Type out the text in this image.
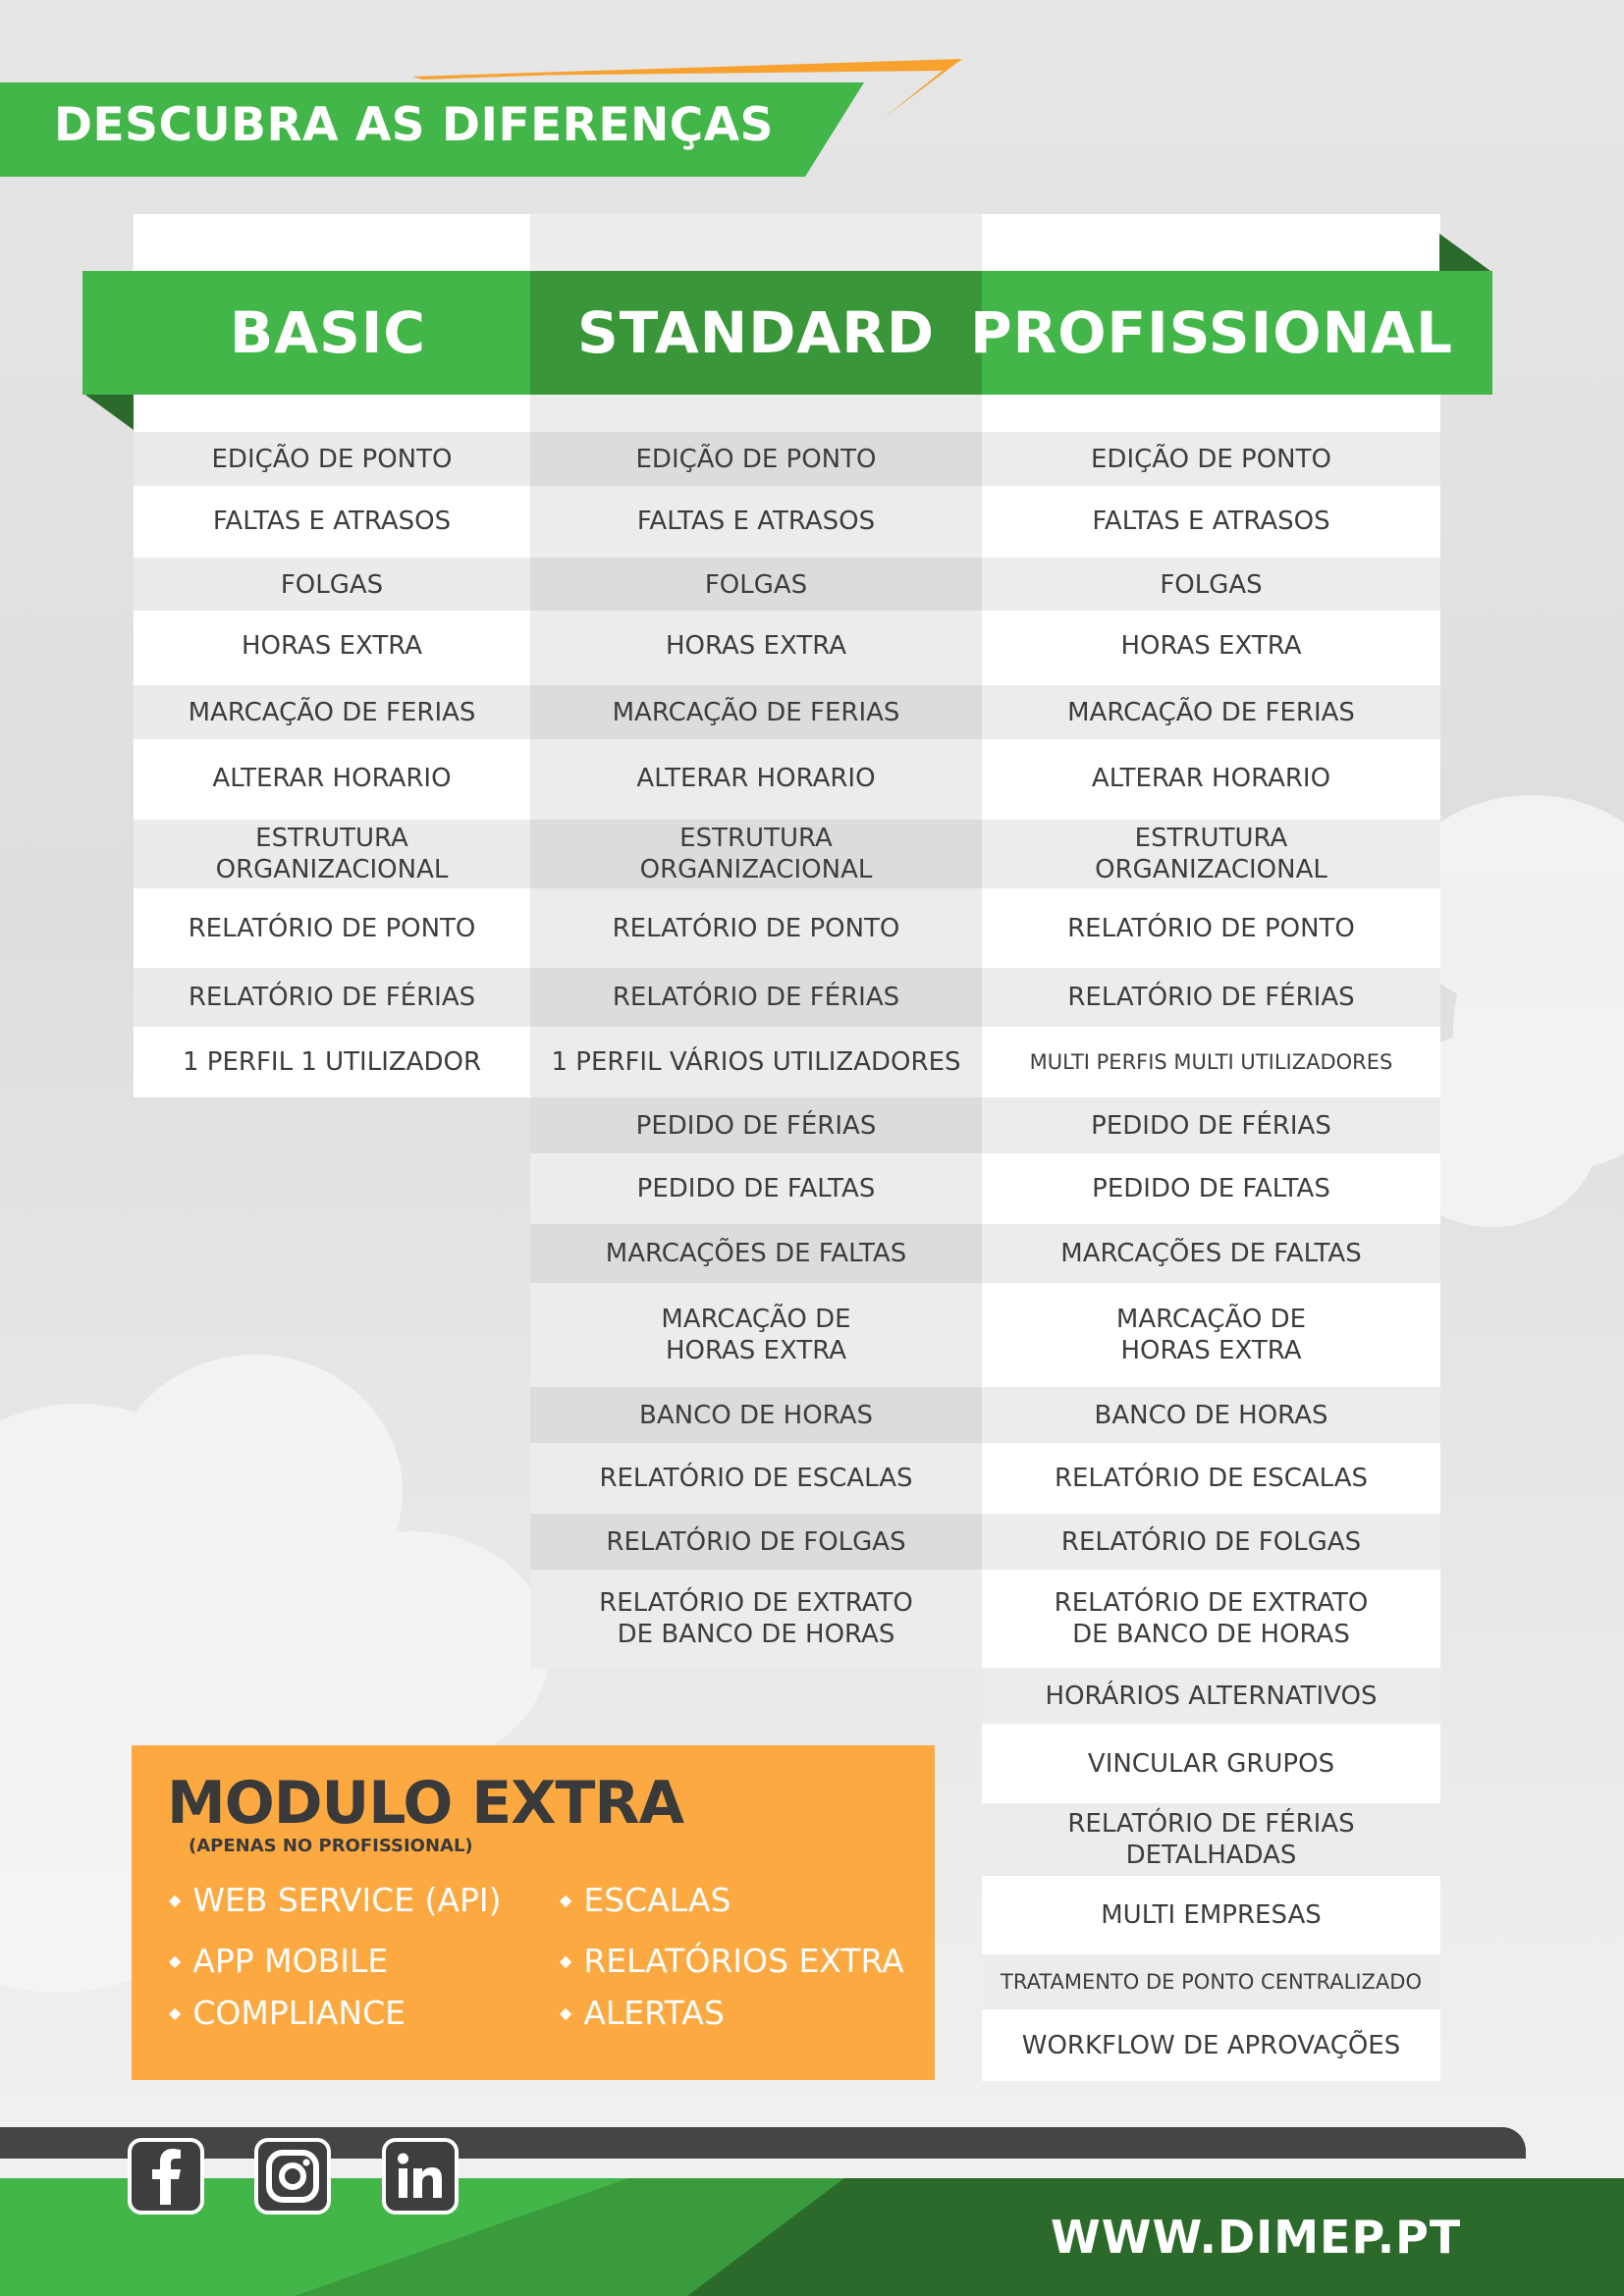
DESCUBRA AS DIFERENÇAS
BASIC	STANDARD PROFISSIONAL
EDIÇÃO DE PONTO
FALTAS E ATRASOS
FOLGAS
HORAS EXTRA
MARCAÇÃO DE FERIAS
ALTERAR HORARIO
ESTRUTURA
ORGANIZACIONAL
RELATÓRIO DE PONTO
RELATÓRIO DE FÉRIAS
1 PERFIL 1 UTILIZADOR
EDIÇÃO DE PONTO
FALTAS E ATRASOS
FOLGAS
HORAS EXTRA
MARCAÇÃO DE FERIAS
ALTERAR HORARIO
ESTRUTURA
ORGANIZACIONAL
RELATÓRIO DE PONTO
RELATÓRIO DE FÉRIAS
1 PERFIL VÁRIOS UTILIZADORES
PEDIDO DE FÉRIAS
PEDIDO DE FALTAS
MARCAÇÕES DE FALTAS
MARCAÇÃO DE
HORAS EXTRA
BANCO DE HORAS
RELATÓRIO DE ESCALAS
RELATÓRIO DE FOLGAS
RELATÓRIO DE EXTRATO
DE BANCO DE HORAS
EDIÇÃO DE PONTO
FALTAS E ATRASOS
FOLGAS
HORAS EXTRA
MARCAÇÃO DE FERIAS
ALTERAR HORARIO
ESTRUTURA
ORGANIZACIONAL
RELATÓRIO DE PONTO
RELATÓRIO DE FÉRIAS
MULTI PERFIS MULTI UTILIZADORES
PEDIDO DE FÉRIAS
PEDIDO DE FALTAS
MARCAÇÕES DE FALTAS
MARCAÇÃO DE
HORAS EXTRA
BANCO DE HORAS
RELATÓRIO DE ESCALAS
RELATÓRIO DE FOLGAS
RELATÓRIO DE EXTRATO
DE BANCO DE HORAS
HORÁRIOS ALTERNATIVOS
VINCULAR GRUPOS
RELATÓRIO DE FÉRIAS
DETALHADAS
MULTI EMPRESAS
TRATAMENTO DE PONTO CENTRALIZADO
WORKFLOW DE APROVAÇÕES
MODULO EXTRA
(APENAS NO PROFISSIONAL)
◆ WEB SERVICE (API)
◆ APP MOBILE
◆ COMPLIANCE
◆ ESCALAS
◆ RELATÓRIOS EXTRA
◆ ALERTAS
WWW.DIMEP.PT
